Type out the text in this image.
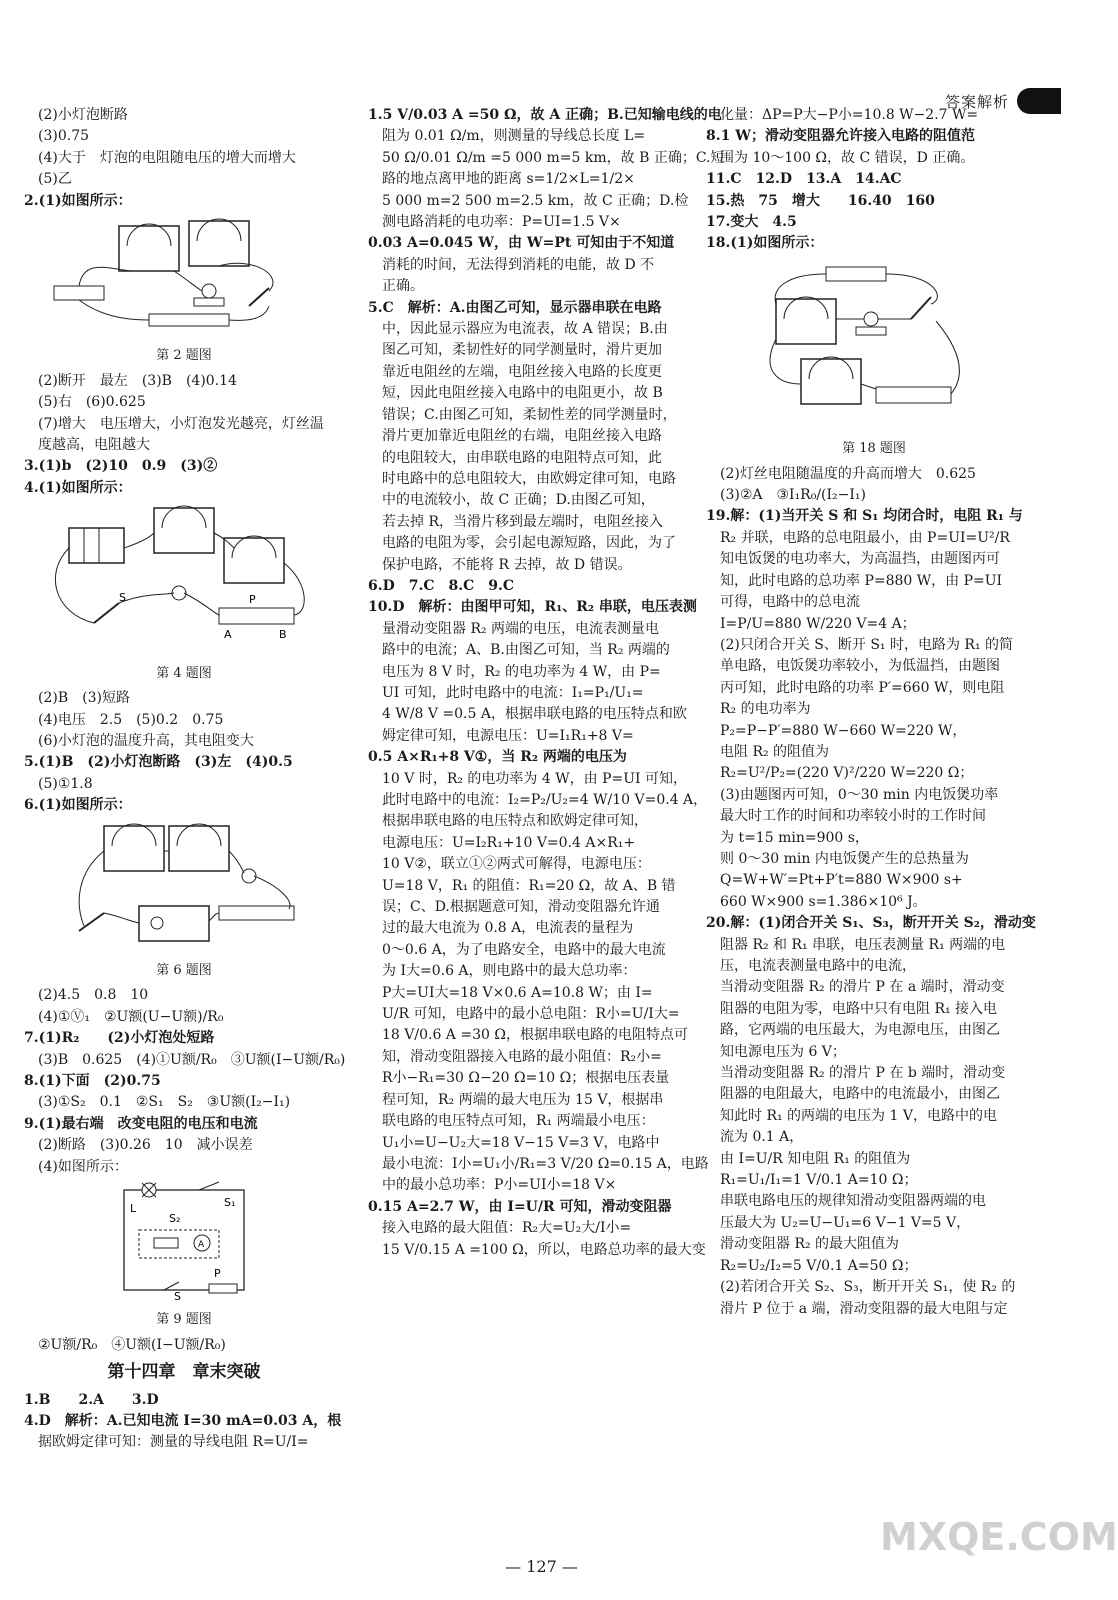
答案解析
(2)小灯泡断路
(3)0.75
(4)大于　灯泡的电阻随电压的增大而增大
(5)乙
2.(1)如图所示：
第 2 题图
(2)断开　最左　(3)B　(4)0.14
(5)右　(6)0.625
(7)增大　电压增大，小灯泡发光越亮，灯丝温
度越高，电阻越大
3.(1)b　(2)10　0.9　(3)②
4.(1)如图所示：
S	P
A	B
第 4 题图
(2)B　(3)短路
(4)电压　2.5　(5)0.2　0.75
(6)小灯泡的温度升高，其电阻变大
5.(1)B　(2)小灯泡断路　(3)左　(4)0.5
(5)①1.8
6.(1)如图所示：
第 6 题图
(2)4.5　0.8　10
(4)①Ⓥ₁　②U额(U−U额)/R₀
7.(1)R₂　　(2)小灯泡处短路
(3)B　0.625　(4)①U额/R₀　③U额(I−U额/R₀)
8.(1)下面　(2)0.75
(3)①S₂　0.1　②S₁　S₂　③U额(I₂−I₁)
9.(1)最右端　改变电阻的电压和电流
(2)断路　(3)0.26　10　减小误差
(4)如图所示：
L	S₁
S₂
A
S
P
第 9 题图
②U额/R₀　④U额(I−U额/R₀)
第十四章　章末突破
1.B　　2.A　　3.D
4.D　解析：A.已知电流 I=30 mA=0.03 A，根
据欧姆定律可知：测量的导线电阻 R=U/I=
1.5 V/0.03 A =50 Ω，故 A 正确；B.已知输电线的电
阻为 0.01 Ω/m，则测量的导线总长度 L=
50 Ω/0.01 Ω/m =5 000 m=5 km，故 B 正确；C.短
路的地点离甲地的距离 s=1/2×L=1/2×
5 000 m=2 500 m=2.5 km，故 C 正确；D.检
测电路消耗的电功率：P=UI=1.5 V×
0.03 A=0.045 W，由 W=Pt 可知由于不知道
消耗的时间，无法得到消耗的电能，故 D 不
正确。
5.C　解析：A.由图乙可知，显示器串联在电路
中，因此显示器应为电流表，故 A 错误；B.由
图乙可知，柔韧性好的同学测量时，滑片更加
靠近电阻丝的左端，电阻丝接入电路的长度更
短，因此电阻丝接入电路中的电阻更小，故 B
错误；C.由图乙可知，柔韧性差的同学测量时，
滑片更加靠近电阻丝的右端，电阻丝接入电路
的电阻较大，由串联电路的电阻特点可知，此
时电路中的总电阻较大，由欧姆定律可知，电路
中的电流较小，故 C 正确；D.由图乙可知，
若去掉 R，当滑片移到最左端时，电阻丝接入
电路的电阻为零，会引起电源短路，因此，为了
保护电路，不能将 R 去掉，故 D 错误。
6.D　7.C　8.C　9.C
10.D　解析：由图甲可知，R₁、R₂ 串联，电压表测
量滑动变阻器 R₂ 两端的电压，电流表测量电
路中的电流；A、B.由图乙可知，当 R₂ 两端的
电压为 8 V 时，R₂ 的电功率为 4 W，由 P=
UI 可知，此时电路中的电流：I₁=P₁/U₁=
4 W/8 V =0.5 A，根据串联电路的电压特点和欧
姆定律可知，电源电压：U=I₁R₁+8 V=
0.5 A×R₁+8 V①，当 R₂ 两端的电压为
10 V 时，R₂ 的电功率为 4 W，由 P=UI 可知，
此时电路中的电流：I₂=P₂/U₂=4 W/10 V=0.4 A，
根据串联电路的电压特点和欧姆定律可知，
电源电压：U=I₂R₁+10 V=0.4 A×R₁+
10 V②，联立①②两式可解得，电源电压：
U=18 V，R₁ 的阻值：R₁=20 Ω，故 A、B 错
误；C、D.根据题意可知，滑动变阻器允许通
过的最大电流为 0.8 A，电流表的量程为
0～0.6 A，为了电路安全，电路中的最大电流
为 I大=0.6 A，则电路中的最大总功率：
P大=UI大=18 V×0.6 A=10.8 W；由 I=
U/R 可知，电路中的最小总电阻：R小=U/I大=
18 V/0.6 A =30 Ω，根据串联电路的电阻特点可
知，滑动变阻器接入电路的最小阻值：R₂小=
R小−R₁=30 Ω−20 Ω=10 Ω；根据电压表量
程可知，R₂ 两端的最大电压为 15 V，根据串
联电路的电压特点可知，R₁ 两端最小电压：
U₁小=U−U₂大=18 V−15 V=3 V，电路中
最小电流：I小=U₁小/R₁=3 V/20 Ω=0.15 A，电路
中的最小总功率：P小=UI小=18 V×
0.15 A=2.7 W，由 I=U/R 可知，滑动变阻器
接入电路的最大阻值：R₂大=U₂大/I小=
15 V/0.15 A =100 Ω，所以，电路总功率的最大变
化量：ΔP=P大−P小=10.8 W−2.7 W=
8.1 W；滑动变阻器允许接入电路的阻值范
围为 10～100 Ω，故 C 错误，D 正确。
11.C　12.D　13.A　14.AC
15.热　75　增大　　16.40　160
17.变大　4.5
18.(1)如图所示：
第 18 题图
(2)灯丝电阻随温度的升高而增大　0.625
(3)②A　③I₁R₀/(I₂−I₁)
19.解：(1)当开关 S 和 S₁ 均闭合时，电阻 R₁ 与
R₂ 并联，电路的总电阻最小，由 P=UI=U²/R
知电饭煲的电功率大，为高温挡，由题图丙可
知，此时电路的总功率 P=880 W，由 P=UI
可得，电路中的总电流
I=P/U=880 W/220 V=4 A；
(2)只闭合开关 S、断开 S₁ 时，电路为 R₁ 的简
单电路，电饭煲功率较小，为低温挡，由题图
丙可知，此时电路的功率 P′=660 W，则电阻
R₂ 的电功率为
P₂=P−P′=880 W−660 W=220 W，
电阻 R₂ 的阻值为
R₂=U²/P₂=(220 V)²/220 W=220 Ω；
(3)由题图丙可知，0～30 min 内电饭煲功率
最大时工作的时间和功率较小时的工作时间
为 t=15 min=900 s，
则 0～30 min 内电饭煲产生的总热量为
Q=W+W′=Pt+P′t=880 W×900 s+
660 W×900 s=1.386×10⁶ J。
20.解：(1)闭合开关 S₁、S₃，断开开关 S₂，滑动变
阻器 R₂ 和 R₁ 串联，电压表测量 R₁ 两端的电
压，电流表测量电路中的电流，
当滑动变阻器 R₂ 的滑片 P 在 a 端时，滑动变
阻器的电阻为零，电路中只有电阻 R₁ 接入电
路，它两端的电压最大，为电源电压，由图乙
知电源电压为 6 V；
当滑动变阻器 R₂ 的滑片 P 在 b 端时，滑动变
阻器的电阻最大，电路中的电流最小，由图乙
知此时 R₁ 的两端的电压为 1 V，电路中的电
流为 0.1 A，
由 I=U/R 知电阻 R₁ 的阻值为
R₁=U₁/I₁=1 V/0.1 A=10 Ω；
串联电路电压的规律知滑动变阻器两端的电
压最大为 U₂=U−U₁=6 V−1 V=5 V，
滑动变阻器 R₂ 的最大阻值为
R₂=U₂/I₂=5 V/0.1 A=50 Ω；
(2)若闭合开关 S₂、S₃，断开开关 S₁，使 R₂ 的
滑片 P 位于 a 端，滑动变阻器的最大电阻与定
— 127 —
MXQE.COM
